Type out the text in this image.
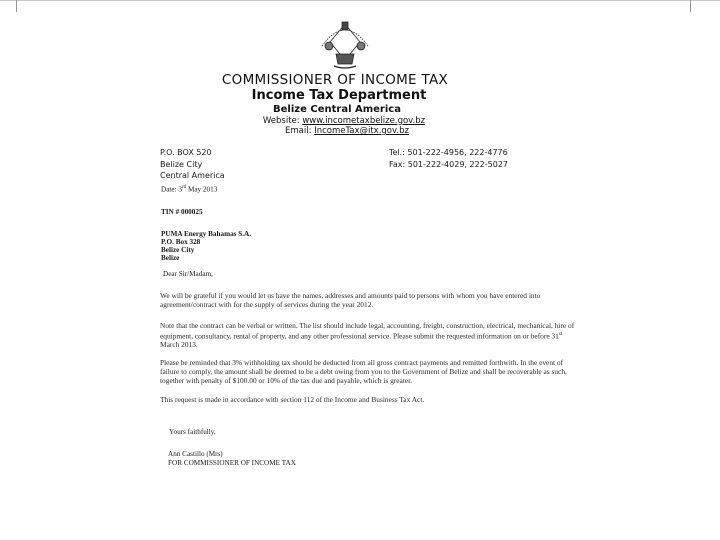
COMMISSIONER OF INCOME TAX
Income Tax Department
Belize Central America
Website: www.incometaxbelize.gov.bz
Email: IncomeTax@itx.gov.bz
P.O. BOX 520
Belize City
Central America
Tel.: 501-222-4956, 222-4776
Fax: 501-222-4029, 222-5027
Date: 3rd May 2013
TIN # 000025
PUMA Energy Bahamas S.A.
P.O. Box 328
Belize City
Belize
Dear Sir/Madam,
We will be grateful if you would let us have the names, addresses and amounts paid to persons with whom you have entered into agreement/contract with for the supply of services during the year 2012.
Note that the contract can be verbal or written. The list should include legal, accounting, freight, construction, electrical, mechanical, hire of equipment, consultancy, rental of property, and any other professional service. Please submit the requested information on or before 31st March 2013.
Please be reminded that 3% withholding tax should be deducted from all gross contract payments and remitted forthwith. In the event of failure to comply, the amount shall be deemed to be a debt owing from you to the Government of Belize and shall be recoverable as such, together with penalty of $100.00 or 10% of the tax due and payable, which is greater.
This request is made in accordance with section 112 of the Income and Business Tax Act.
Yours faithfully,
Ann Castillo (Mrs)
FOR COMMISSIONER OF INCOME TAX
